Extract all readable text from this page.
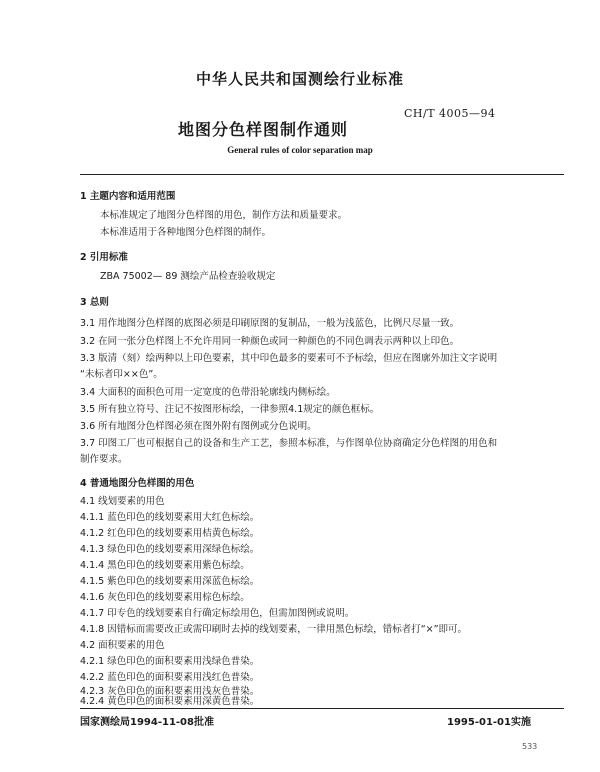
中华人民共和国测绘行业标准
地图分色样图制作通则
CH/T 4005—94
General rules of color separation map
1 主题内容和适用范围
本标准规定了地图分色样图的用色，制作方法和质量要求。
本标准适用于各种地图分色样图的制作。
2 引用标准
ZBA 75002— 89 测绘产品检查验收规定
3 总则
3.1 用作地图分色样图的底图必须是印刷原图的复制品，一般为浅蓝色，比例尺尽量一致。
3.2 在同一张分色样图上不允许用同一种颜色或同一种颜色的不同色调表示两种以上印色。
3.3 版清（刻）绘两种以上印色要素，其中印色最多的要素可不予标绘，但应在图廓外加注文字说明
“未标者印××色”。
3.4 大面积的面积色可用一定宽度的色带沿轮廓线内侧标绘。
3.5 所有独立符号、注记不按图形标绘，一律参照4.1规定的颜色框标。
3.6 所有地图分色样图必须在图外附有图例或分色说明。
3.7 印图工厂也可根据自己的设备和生产工艺，参照本标准，与作图单位协商确定分色样图的用色和
制作要求。
4 普通地图分色样图的用色
4.1 线划要素的用色
4.1.1 蓝色印色的线划要素用大红色标绘。
4.1.2 红色印色的线划要素用桔黄色标绘。
4.1.3 绿色印色的线划要素用深绿色标绘。
4.1.4 黑色印色的线划要素用紫色标绘。
4.1.5 紫色印色的线划要素用深蓝色标绘。
4.1.6 灰色印色的线划要素用棕色标绘。
4.1.7 印专色的线划要素自行确定标绘用色，但需加图例或说明。
4.1.8 因错标而需要改正或需印刷时去掉的线划要素，一律用黑色标绘，错标者打“×”即可。
4.2 面积要素的用色
4.2.1 绿色印色的面积要素用浅绿色普染。
4.2.2 蓝色印色的面积要素用浅红色普染。
4.2.3 灰色印色的面积要素用浅灰色普染。
4.2.4 黄色印色的面积要素用深黄色普染。
国家测绘局1994-11-08批准	1995-01-01实施
533
